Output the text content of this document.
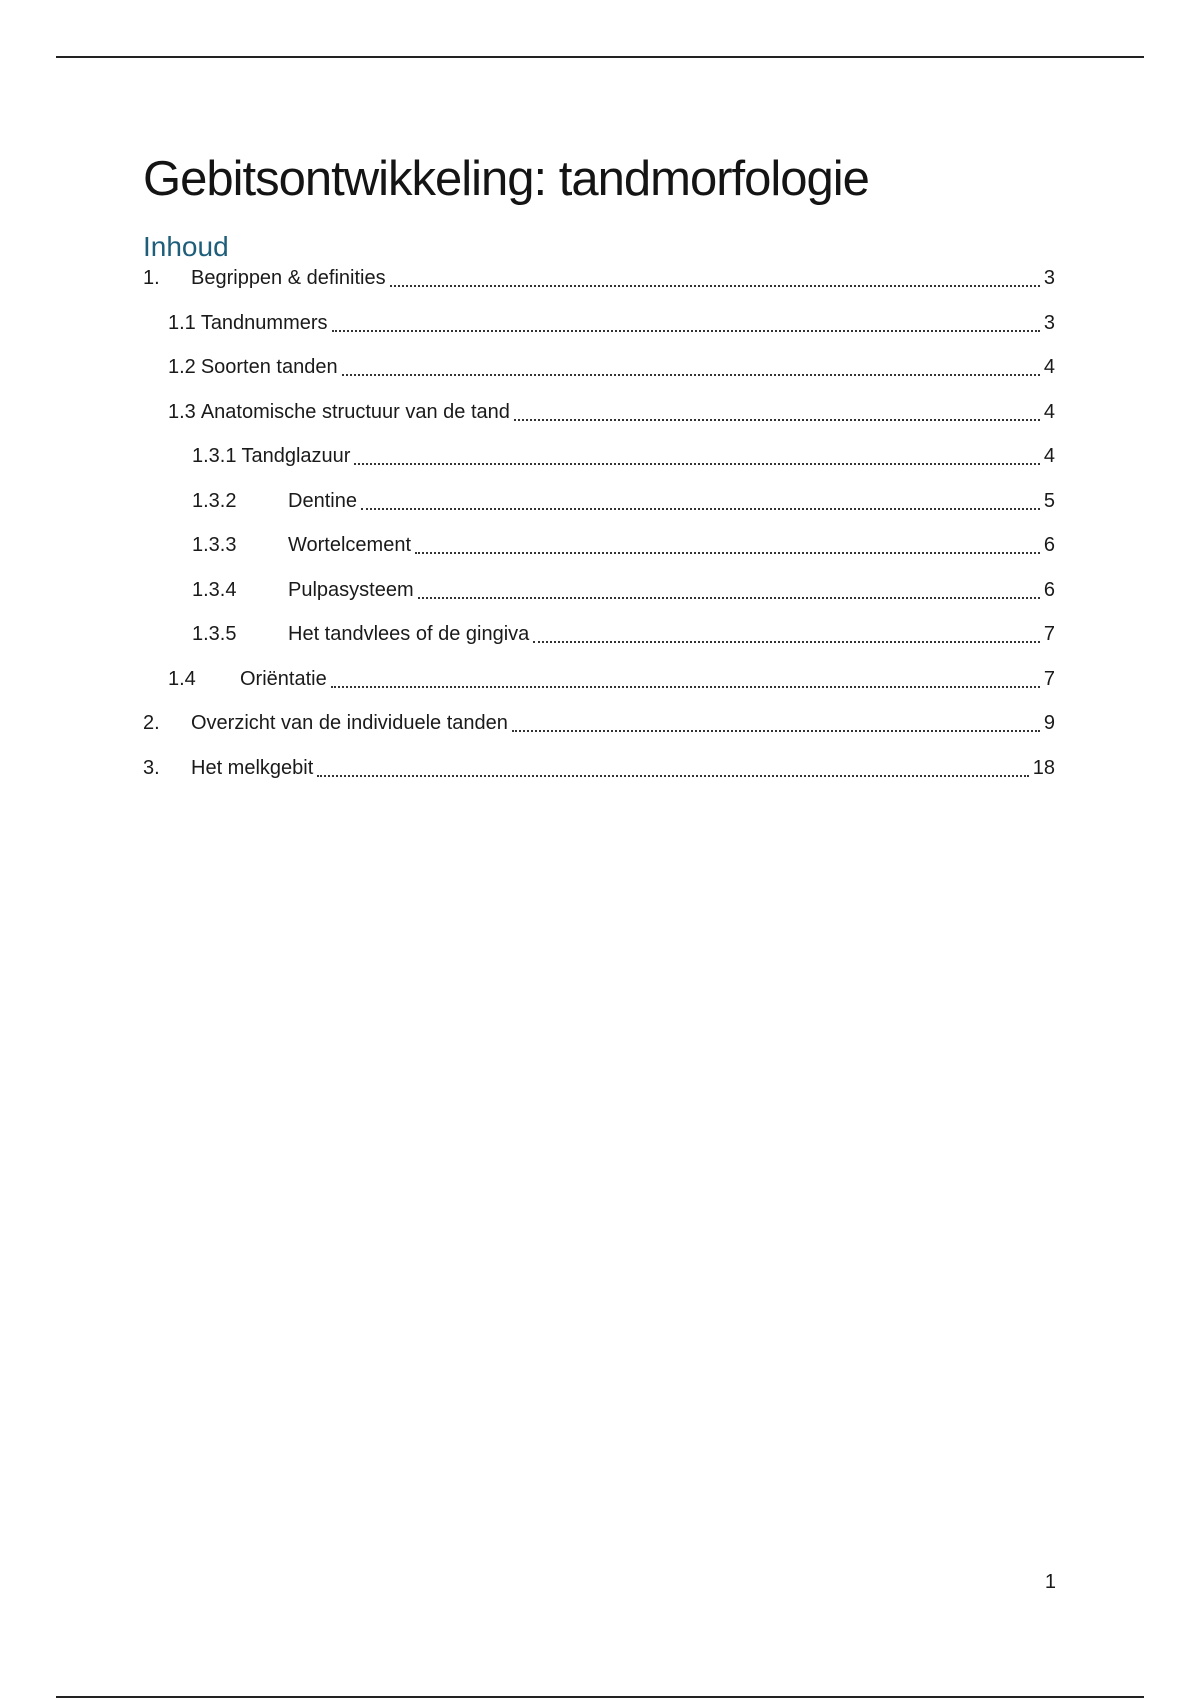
Gebitsontwikkeling: tandmorfologie
Inhoud
1.	Begrippen & definities	3
1.1 Tandnummers	3
1.2 Soorten tanden	4
1.3 Anatomische structuur van de tand	4
1.3.1 Tandglazuur	4
1.3.2	Dentine	5
1.3.3	Wortelcement	6
1.3.4	Pulpasysteem	6
1.3.5	Het tandvlees of de gingiva	7
1.4	Oriëntatie	7
2.	Overzicht van de individuele tanden	9
3.	Het melkgebit	18
1
